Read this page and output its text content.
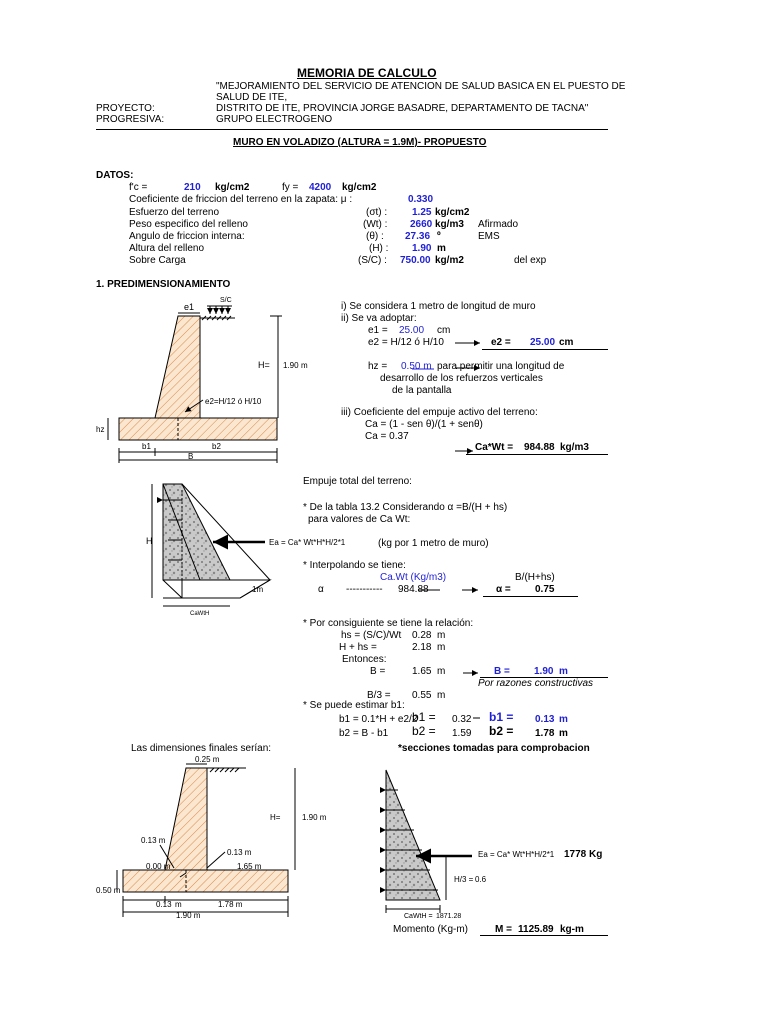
MEMORIA DE CALCULO
"MEJORAMIENTO DEL SERVICIO DE ATENCION DE SALUD BASICA EN EL PUESTO DE
SALUD DE ITE,
PROYECTO:	DISTRITO DE ITE, PROVINCIA JORGE BASADRE, DEPARTAMENTO DE TACNA"
PROGRESIVA:	GRUPO ELECTROGENO
MURO EN VOLADIZO (ALTURA = 1.9M)- PROPUESTO
DATOS:
f'c =	210 kg/cm2	fy = 4200 kg/cm2
Coeficiente de friccion del terreno en la zapata: μ :	0.330
Esfuerzo del terreno	(σt) : 1.25 kg/cm2
Peso especifico del relleno	(Wt) : 2660 kg/m3 Afirmado
Angulo de friccion interna:	(θ) : 27.36 º	EMS
Altura del relleno	(H) : 1.90 m
Sobre Carga	(S/C) : 750.00 kg/m2	del exp
1. PREDIMENSIONAMIENTO
i) Se considera 1 metro de longitud de muro
ii) Se va adoptar:
e1 = 25.00 cm
e2 = H/12 ó H/10	e2 = 25.00 cm
hz = 0.50 m para permitir una longitud de
desarrollo de los refuerzos verticales
de la pantalla
iii) Coeficiente del empuje activo del terreno:
Ca = (1 - sen θ)/(1 + senθ)
Ca = 0.37
Ca*Wt = 984.88 kg/m3
Empuje total del terreno:
* De la tabla 13.2 Considerando α =B/(H + hs)
para valores de Ca Wt:
(kg por 1 metro de muro)
* Interpolando se tiene:
Ca.Wt (Kg/m3)	B/(H+hs)
α ----------- 984.88	α = 0.75
* Por consiguiente se tiene la relación:
hs = (S/C)/Wt 0.28 m
H + hs =	2.18 m
Entonces:
B =	1.65 m	B = 1.90 m
Por razones constructivas
B/3 = 0.55 m
* Se puede estimar b1:
b1 = 0.1*H + e2/2
b1 = 0.32 b1 = 0.13 m
b2 = B - b1 b2 = 1.59 b2 = 1.78 m
Las dimensiones finales serían:	*secciones tomadas para comprobacion
Momento (Kg-m)	M = 1125.89 kg-m
S/C
e1
H= 1.90 m
e2=H/12 ó H/10
hz
b1	b2
B
H	Ea = Ca* Wt*H*H/2*1
1m
CaWtH
0.25 m
H=	1.90 m
0.13 m
0.13 m
0.00 m	1.65 m
0.50 m
0.13 m	1.78 m
1.90 m
Ea = Ca* Wt*H*H/2*1 1778 Kg
H/3 = 0.6
CaWtH = 1871.28
